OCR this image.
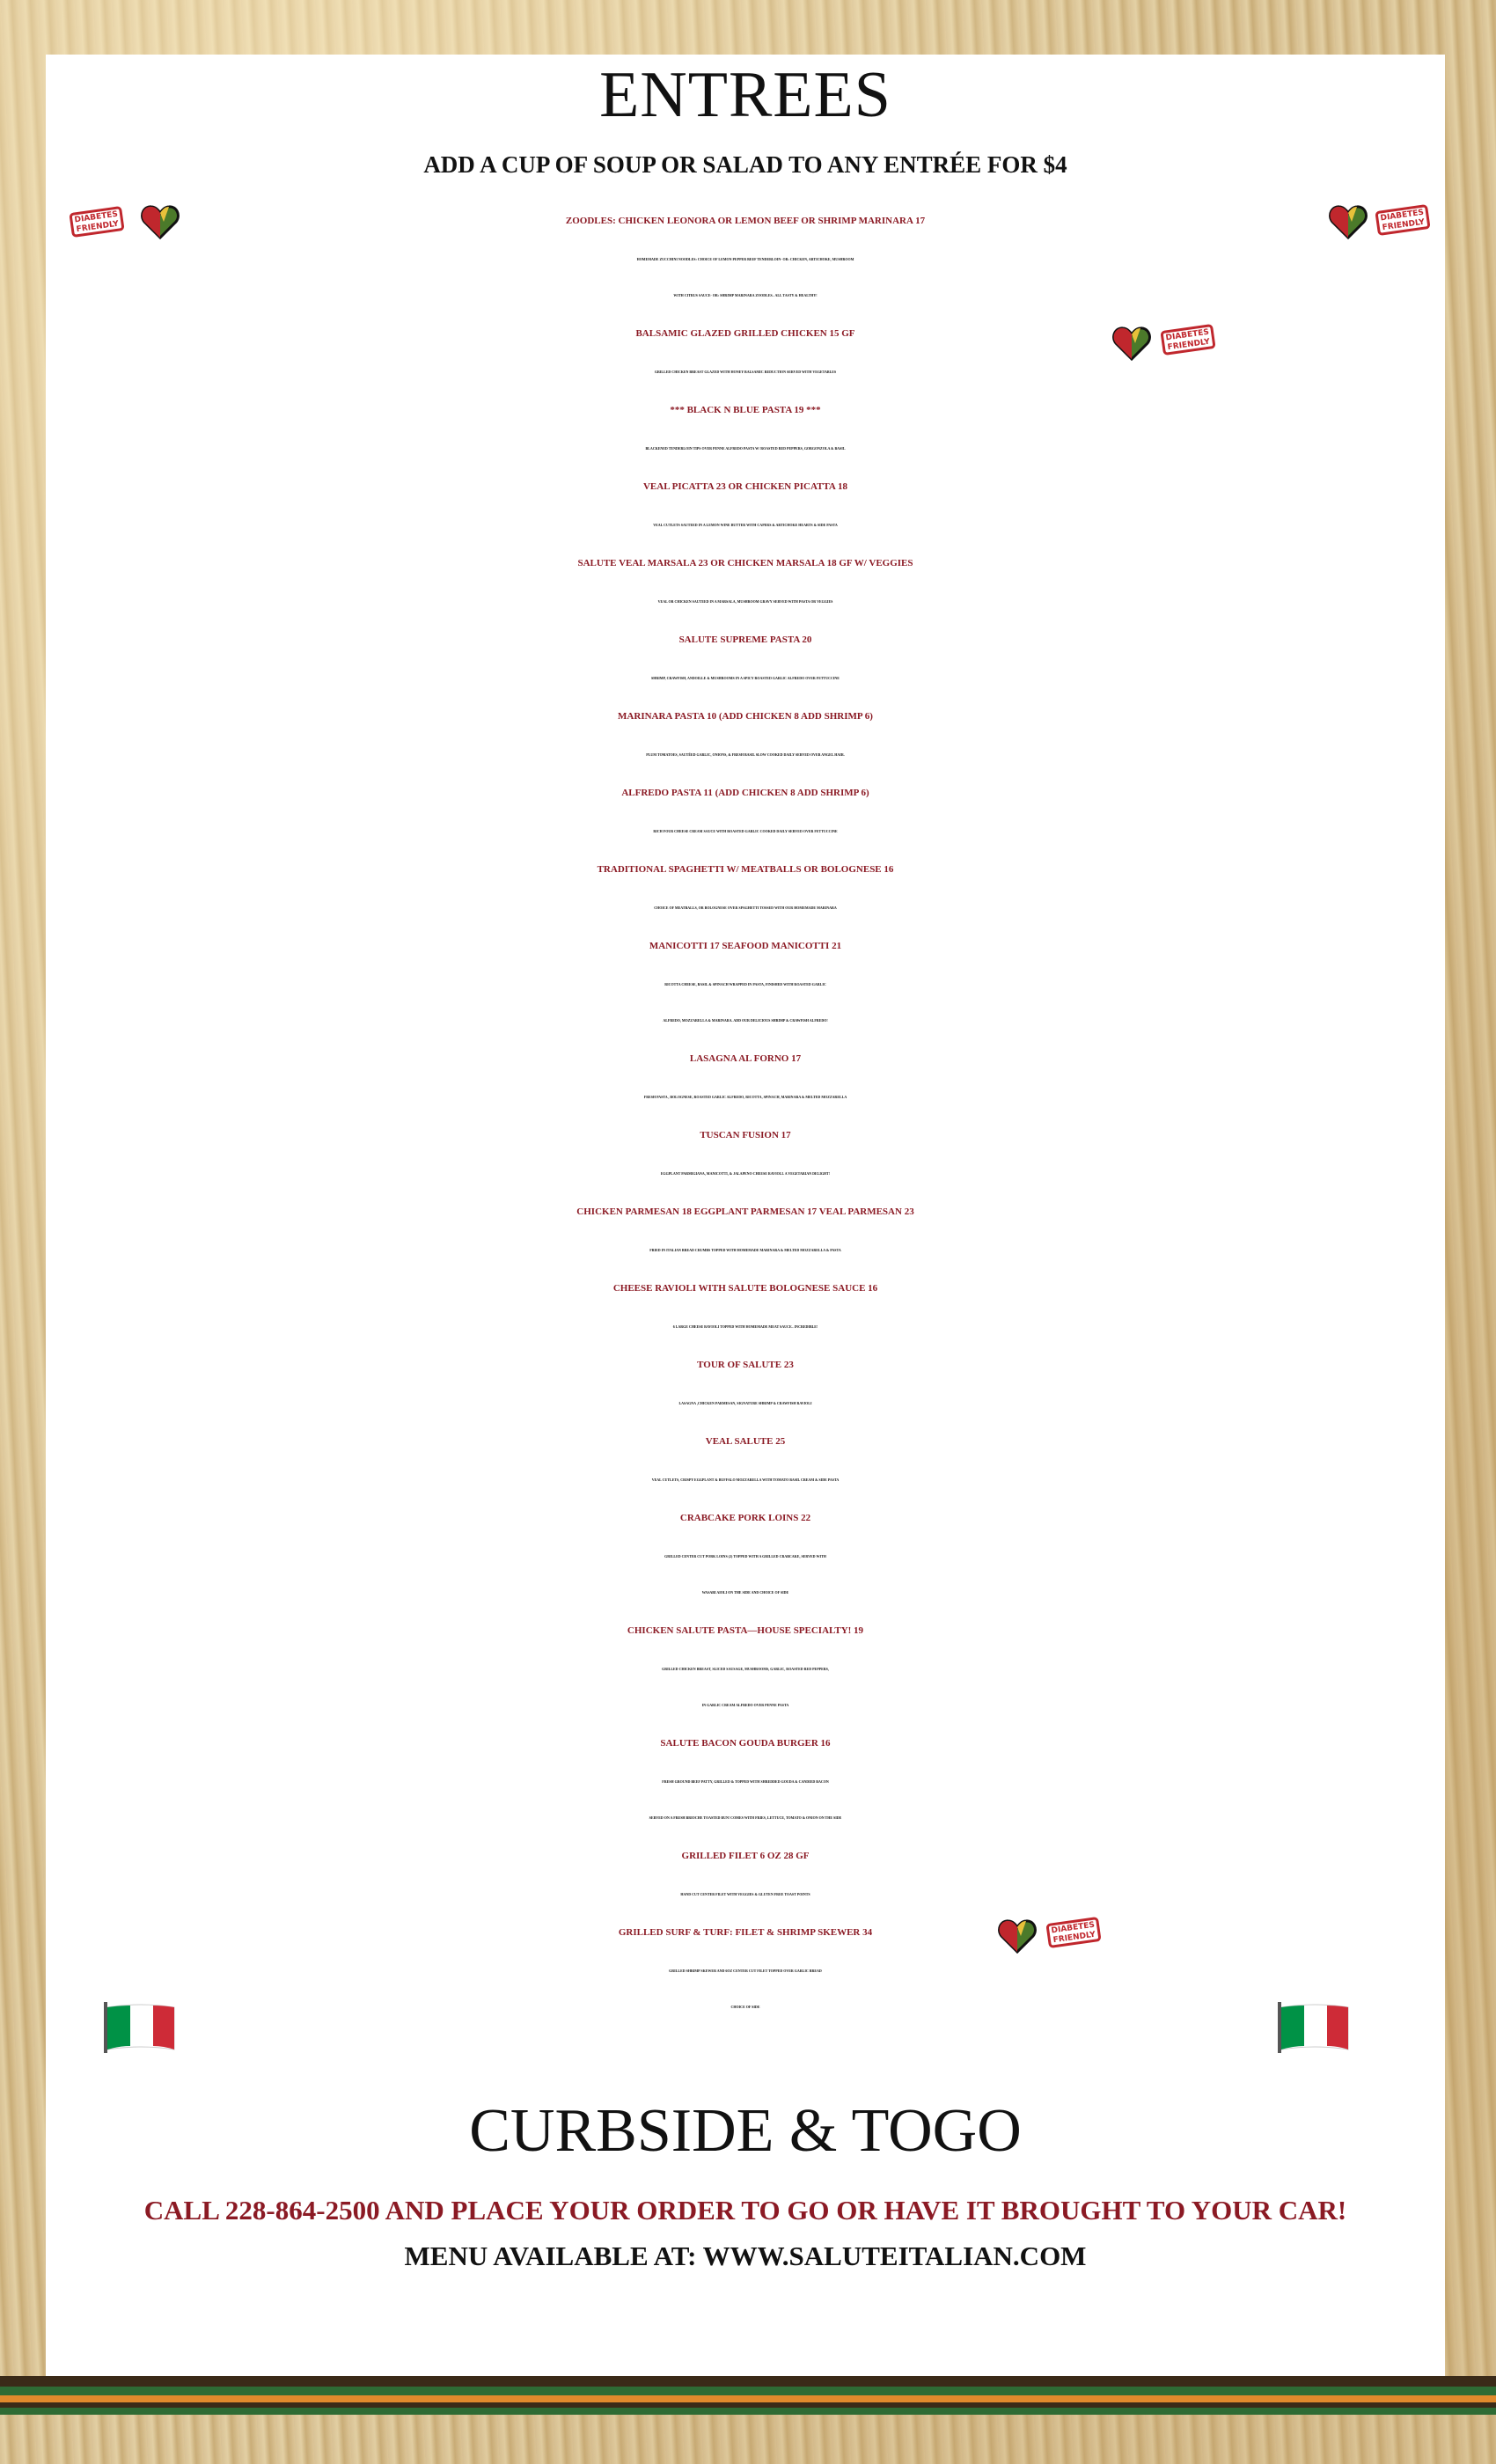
ENTREES
ADD A CUP OF SOUP OR SALAD TO ANY ENTRÉE FOR $4
ZOODLES: CHICKEN LEONORA OR LEMON BEEF OR SHRIMP MARINARA 17
HOMEMADE ZUCCHINI NOODLES: CHOICE OF LEMON PEPPER BEEF TENDERLOIN- OR: CHICKEN, ARTICHOKE, MUSHROOM
WITH CITRUS SAUCE- OR: SHRIMP MARINARA ZOODLES– ALL TASTY & HEALTHY!
BALSAMIC GLAZED GRILLED CHICKEN 15 GF
GRILLED CHICKEN BREAST GLAZED WITH HONEY BALSAMIC REDUCTION SERVED WITH VEGETABLES
*** BLACK N BLUE PASTA 19 ***
BLACKENED TENDERLOIN TIPS OVER PENNE ALFREDO PASTA W/ ROASTED RED PEPPERS, GORGONZOLA & BASIL
VEAL PICATTA 23 OR CHICKEN PICATTA 18
VEAL CUTLETS SAUTEED IN A LEMON WINE BUTTER WITH CAPERS & ARTICHOKE HEARTS & SIDE PASTA
SALUTE VEAL MARSALA 23 OR CHICKEN MARSALA 18 GF W/ VEGGIES
VEAL OR CHICKEN SAUTEED IN A MARSALA, MUSHROOM GRAVY SERVED WITH PASTA OR VEGGIES
SALUTE SUPREME PASTA 20
SHRIMP, CRAWFISH, ANDOILLE & MUSHROOMS IN A SPICY ROASTED GARLIC ALFREDO OVER FETTUCCINE
MARINARA PASTA 10 (ADD CHICKEN 8 ADD SHRIMP 6)
PLUM TOMATOES, SAUTÉED GARLIC, ONIONS, & FRESH BASIL SLOW COOKED DAILY SERVED OVER ANGEL HAIR.
ALFREDO PASTA 11 (ADD CHICKEN 8 ADD SHRIMP 6)
RICH FOUR CHEESE CREAM SAUCE WITH ROASTED GARLIC COOKED DAILY SERVED OVER FETTUCCINE
TRADITIONAL SPAGHETTI W/ MEATBALLS OR BOLOGNESE 16
CHOICE OF MEATBALLS, OR BOLOGNESE OVER SPAGHETTI TOSSED WITH OUR HOMEMADE MARINARA
MANICOTTI 17 SEAFOOD MANICOTTI 21
RICOTTA CHEESE, BASIL & SPINACH WRAPPED IN PASTA, FINISHED WITH ROASTED GARLIC
ALFREDO, MOZZARELLA & MARINARA. ADD OUR DELICIOUS SHRIMP & CRAWFISH ALFREDO!
LASAGNA AL FORNO 17
FRESH PASTA , BOLOGNESE, ROASTED GARLIC ALFREDO, RICOTTA, SPINACH, MARINARA & MELTED MOZZARELLA
TUSCAN FUSION 17
EGGPLANT PARMIGIANA, MANICOTTI, & JALAPENO CHEESE RAVIOLI. A VEGETARIAN DELIGHT!
CHICKEN PARMESAN 18 EGGPLANT PARMESAN 17 VEAL PARMESAN 23
FRIED IN ITALIAN BREAD CRUMBS TOPPED WITH HOMEMADE MARINARA & MELTED MOZZARELLA & PASTA
CHEESE RAVIOLI WITH SALUTE BOLOGNESE SAUCE 16
6 LARGE CHEESE RAVIOLI TOPPED WITH HOMEMADE MEAT SAUCE– INCREDIBLE!
TOUR OF SALUTE 23
LASAGNA ,CHICKEN PARMESAN, SIGNATURE SHRIMP & CRAWFISH RAVIOLI
VEAL SALUTE 25
VEAL CUTLETS, CRISPY EGGPLANT & BUFFALO MOZZARELLA WITH TOMATO BASIL CREAM & SIDE PASTA
CRABCAKE PORK LOINS 22
GRILLED CENTER CUT PORK LOINS (2) TOPPED WITH A GRILLED CRABCAKE, SERVED WITH
WASABI AIOLI ON THE SIDE AND CHOICE OF SIDE
CHICKEN SALUTE PASTA—HOUSE SPECIALTY! 19
GRILLED CHICKEN BREAST, SLICED SAUSAGE, MUSHROOMS, GARLIC, ROASTED RED PEPPERS,
IN GARLIC CREAM ALFREDO OVER PENNE PASTA
SALUTE BACON GOUDA BURGER 16
FRESH GROUND BEEF PATTY, GRILLED & TOPPED WITH SHREDDED GOUDA & CANDIED BACON
SERVED ON A FRESH BRIOCHE TOASTED BUN! COMES WITH FRIES, LETTUCE, TOMATO & ONION ON THE SIDE
GRILLED FILET 6 OZ 28 GF
HAND CUT CENTER FILET WITH VEGGIES & GLUTEN FREE TOAST POINTS
GRILLED SURF & TURF: FILET & SHRIMP SKEWER 34
GRILLED SHRIMP SKEWER AND 6OZ CENTER CUT FILET TOPPED OVER GARLIC BREAD
CHOICE OF SIDE
DIABETES FRIENDLY
DIABETES FRIENDLY
DIABETES FRIENDLY
DIABETES FRIENDLY
CURBSIDE & TOGO
CALL 228-864-2500 AND PLACE YOUR ORDER TO GO OR HAVE IT BROUGHT TO YOUR CAR!
MENU AVAILABLE AT: WWW.SALUTEITALIAN.COM
